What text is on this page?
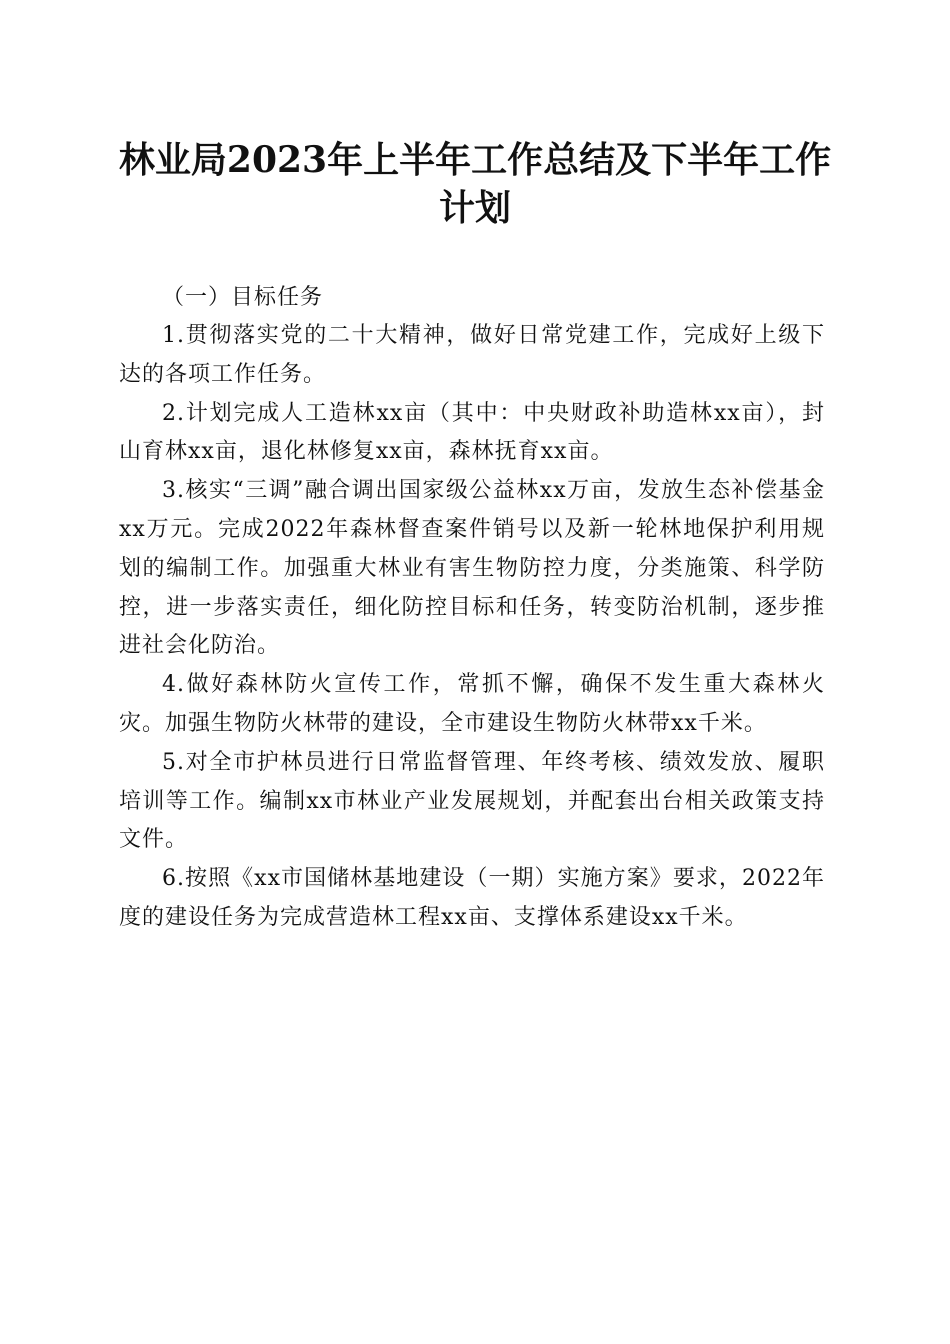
林业局2023年上半年工作总结及下半年工作计划

（一）目标任务

1.贯彻落实党的二十大精神，做好日常党建工作，完成好上级下达的各项工作任务。

2.计划完成人工造林xx亩（其中：中央财政补助造林xx亩），封山育林xx亩，退化林修复xx亩，森林抚育xx亩。

3.核实“三调”融合调出国家级公益林xx万亩，发放生态补偿基金xx万元。完成2022年森林督查案件销号以及新一轮林地保护利用规划的编制工作。加强重大林业有害生物防控力度，分类施策、科学防控，进一步落实责任，细化防控目标和任务，转变防治机制，逐步推进社会化防治。

4.做好森林防火宣传工作，常抓不懈，确保不发生重大森林火灾。加强生物防火林带的建设，全市建设生物防火林带xx千米。

5.对全市护林员进行日常监督管理、年终考核、绩效发放、履职培训等工作。编制xx市林业产业发展规划，并配套出台相关政策支持文件。

6.按照《xx市国储林基地建设（一期）实施方案》要求，2022年度的建设任务为完成营造林工程xx亩、支撑体系建设xx千米。
